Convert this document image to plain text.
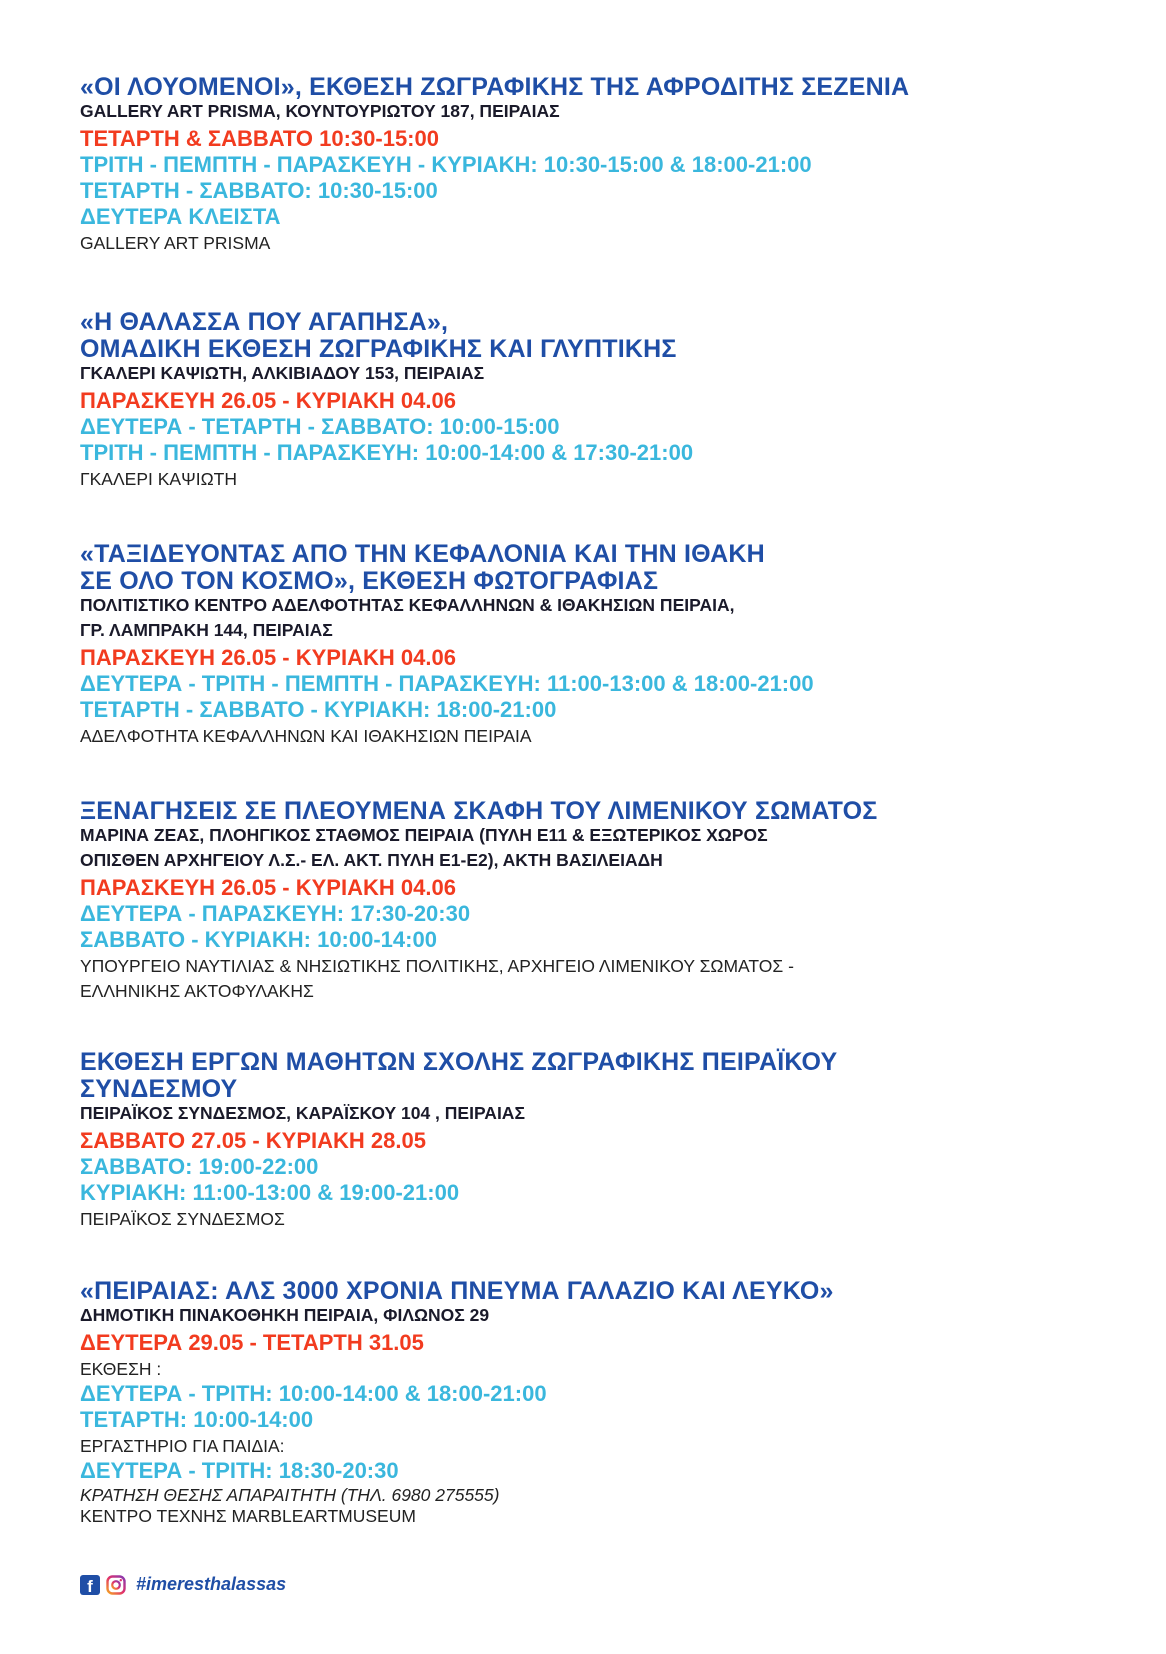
«ΟΙ ΛΟΥΟΜΕΝΟΙ», ΕΚΘΕΣΗ ΖΩΓΡΑΦΙΚΗΣ ΤΗΣ ΑΦΡΟΔΙΤΗΣ ΣΕΖΕΝΙΑ
GALLERY ART PRISMA, ΚΟΥΝΤΟΥΡΙΩΤΟΥ 187, ΠΕΙΡΑΙΑΣ
ΤΕΤΑΡΤΗ & ΣΑΒΒΑΤΟ 10:30-15:00
ΤΡΙΤΗ - ΠΕΜΠΤΗ - ΠΑΡΑΣΚΕΥΗ - ΚΥΡΙΑΚΗ: 10:30-15:00 & 18:00-21:00
ΤΕΤΑΡΤΗ - ΣΑΒΒΑΤΟ: 10:30-15:00
ΔΕΥΤΕΡΑ ΚΛΕΙΣΤΑ
GALLERY ART PRISMA
«Η ΘΑΛΑΣΣΑ ΠΟΥ ΑΓΑΠΗΣΑ»,
ΟΜΑΔΙΚΗ ΕΚΘΕΣΗ ΖΩΓΡΑΦΙΚΗΣ ΚΑΙ ΓΛΥΠΤΙΚΗΣ
ΓΚΑΛΕΡΙ ΚΑΨΙΩΤΗ, ΑΛΚΙΒΙΑΔΟΥ 153, ΠΕΙΡΑΙΑΣ
ΠΑΡΑΣΚΕΥΗ 26.05 - ΚΥΡΙΑΚΗ 04.06
ΔΕΥΤΕΡΑ - ΤΕΤΑΡΤΗ - ΣΑΒΒΑΤΟ: 10:00-15:00
ΤΡΙΤΗ - ΠΕΜΠΤΗ - ΠΑΡΑΣΚΕΥΗ: 10:00-14:00 & 17:30-21:00
ΓΚΑΛΕΡΙ ΚΑΨΙΩΤΗ
«ΤΑΞΙΔΕΥΟΝΤΑΣ ΑΠΟ ΤΗΝ ΚΕΦΑΛΟΝΙΑ ΚΑΙ ΤΗΝ ΙΘΑΚΗ
ΣΕ ΟΛΟ ΤΟΝ ΚΟΣΜΟ», ΕΚΘΕΣΗ ΦΩΤΟΓΡΑΦΙΑΣ
ΠΟΛΙΤΙΣΤΙΚΟ ΚΕΝΤΡΟ ΑΔΕΛΦΟΤΗΤΑΣ ΚΕΦΑΛΛΗΝΩΝ & ΙΘΑΚΗΣΙΩΝ ΠΕΙΡΑΙΑ,
ΓΡ. ΛΑΜΠΡΑΚΗ 144, ΠΕΙΡΑΙΑΣ
ΠΑΡΑΣΚΕΥΗ 26.05 - ΚΥΡΙΑΚΗ 04.06
ΔΕΥΤΕΡΑ - ΤΡΙΤΗ - ΠΕΜΠΤΗ - ΠΑΡΑΣΚΕΥΗ: 11:00-13:00 & 18:00-21:00
ΤΕΤΑΡΤΗ - ΣΑΒΒΑΤΟ - ΚΥΡΙΑΚΗ: 18:00-21:00
ΑΔΕΛΦΟΤΗΤΑ ΚΕΦΑΛΛΗΝΩΝ ΚΑΙ ΙΘΑΚΗΣΙΩΝ ΠΕΙΡΑΙΑ
ΞΕΝΑΓΗΣΕΙΣ ΣΕ ΠΛΕΟΥΜΕΝΑ ΣΚΑΦΗ ΤΟΥ ΛΙΜΕΝΙΚΟΥ ΣΩΜΑΤΟΣ
ΜΑΡΙΝΑ ΖΕΑΣ, ΠΛΟΗΓΙΚΟΣ ΣΤΑΘΜΟΣ ΠΕΙΡΑΙΑ (ΠΥΛΗ Ε11 & ΕΞΩΤΕΡΙΚΟΣ ΧΩΡΟΣ
ΟΠΙΣΘΕΝ ΑΡΧΗΓΕΙΟΥ Λ.Σ.- ΕΛ. ΑΚΤ. ΠΥΛΗ Ε1-Ε2), ΑΚΤΗ ΒΑΣΙΛΕΙΑΔΗ
ΠΑΡΑΣΚΕΥΗ 26.05 - ΚΥΡΙΑΚΗ 04.06
ΔΕΥΤΕΡΑ - ΠΑΡΑΣΚΕΥΗ: 17:30-20:30
ΣΑΒΒΑΤΟ - ΚΥΡΙΑΚΗ: 10:00-14:00
ΥΠΟΥΡΓΕΙΟ ΝΑΥΤΙΛΙΑΣ & ΝΗΣΙΩΤΙΚΗΣ ΠΟΛΙΤΙΚΗΣ, ΑΡΧΗΓΕΙΟ ΛΙΜΕΝΙΚΟΥ ΣΩΜΑΤΟΣ -
ΕΛΛΗΝΙΚΗΣ ΑΚΤΟΦΥΛΑΚΗΣ
ΕΚΘΕΣΗ ΕΡΓΩΝ ΜΑΘΗΤΩΝ ΣΧΟΛΗΣ ΖΩΓΡΑΦΙΚΗΣ ΠΕΙΡΑΪΚΟΥ
ΣΥΝΔΕΣΜΟΥ
ΠΕΙΡΑΪΚΟΣ ΣΥΝΔΕΣΜΟΣ, ΚΑΡΑΪΣΚΟΥ 104 , ΠΕΙΡΑΙΑΣ
ΣΑΒΒΑΤΟ 27.05 - ΚΥΡΙΑΚΗ 28.05
ΣΑΒΒΑΤΟ: 19:00-22:00
ΚΥΡΙΑΚΗ: 11:00-13:00 & 19:00-21:00
ΠΕΙΡΑΪΚΟΣ ΣΥΝΔΕΣΜΟΣ
«ΠΕΙΡΑΙΑΣ: ΑΛΣ 3000 ΧΡΟΝΙΑ ΠΝΕΥΜΑ ΓΑΛΑΖΙΟ ΚΑΙ ΛΕΥΚΟ»
ΔΗΜΟΤΙΚΗ ΠΙΝΑΚΟΘΗΚΗ ΠΕΙΡΑΙΑ, ΦΙΛΩΝΟΣ 29
ΔΕΥΤΕΡΑ 29.05 - ΤΕΤΑΡΤΗ 31.05
ΕΚΘΕΣΗ :
ΔΕΥΤΕΡΑ - ΤΡΙΤΗ: 10:00-14:00 & 18:00-21:00
ΤΕΤΑΡΤΗ: 10:00-14:00
ΕΡΓΑΣΤΗΡΙΟ ΓΙΑ ΠΑΙΔΙΑ:
ΔΕΥΤΕΡΑ - ΤΡΙΤΗ: 18:30-20:30
ΚΡΑΤΗΣΗ ΘΕΣΗΣ ΑΠΑΡΑΙΤΗΤΗ (ΤΗΛ. 6980 275555)
ΚΕΝΤΡΟ ΤΕΧΝΗΣ MARBLEARTMUSEUM
f	#imeresthalassas
